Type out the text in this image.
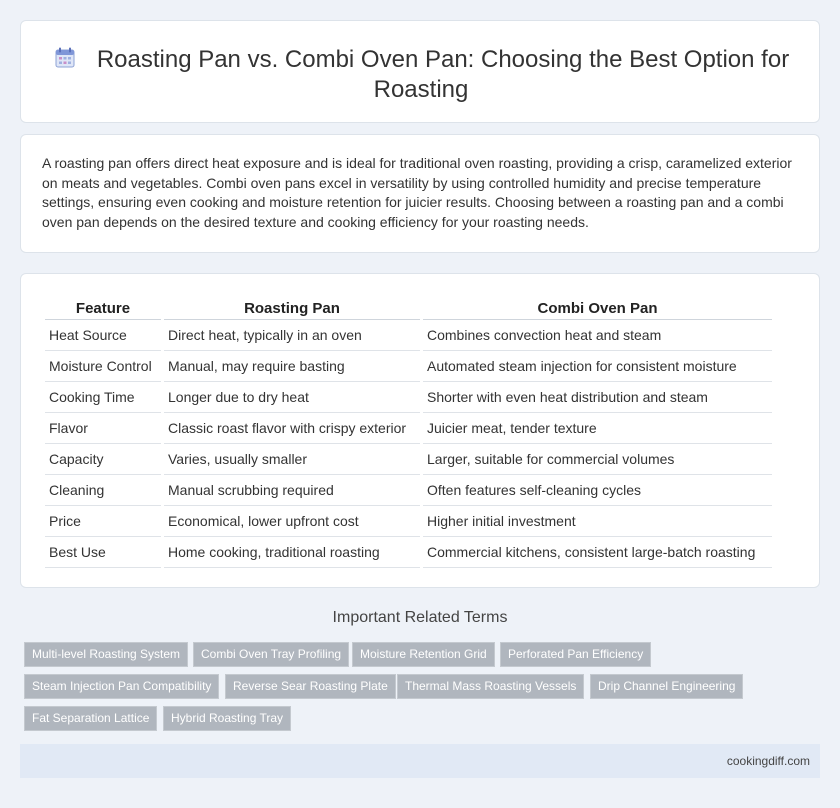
Roasting Pan vs. Combi Oven Pan: Choosing the Best Option for Roasting

A roasting pan offers direct heat exposure and is ideal for traditional oven roasting, providing a crisp, caramelized exterior on meats and vegetables. Combi oven pans excel in versatility by using controlled humidity and precise temperature settings, ensuring even cooking and moisture retention for juicier results. Choosing between a roasting pan and a combi oven pan depends on the desired texture and cooking efficiency for your roasting needs.

Feature	Roasting Pan	Combi Oven Pan
Heat Source	Direct heat, typically in an oven	Combines convection heat and steam
Moisture Control	Manual, may require basting	Automated steam injection for consistent moisture
Cooking Time	Longer due to dry heat	Shorter with even heat distribution and steam
Flavor	Classic roast flavor with crispy exterior	Juicier meat, tender texture
Capacity	Varies, usually smaller	Larger, suitable for commercial volumes
Cleaning	Manual scrubbing required	Often features self-cleaning cycles
Price	Economical, lower upfront cost	Higher initial investment
Best Use	Home cooking, traditional roasting	Commercial kitchens, consistent large-batch roasting
Important Related Terms
Multi-level Roasting System	Combi Oven Tray Profiling	Moisture Retention Grid	Perforated Pan Efficiency
Steam Injection Pan Compatibility	Reverse Sear Roasting Plate	Thermal Mass Roasting Vessels	Drip Channel Engineering
Fat Separation Lattice	Hybrid Roasting Tray
cookingdiff.com
